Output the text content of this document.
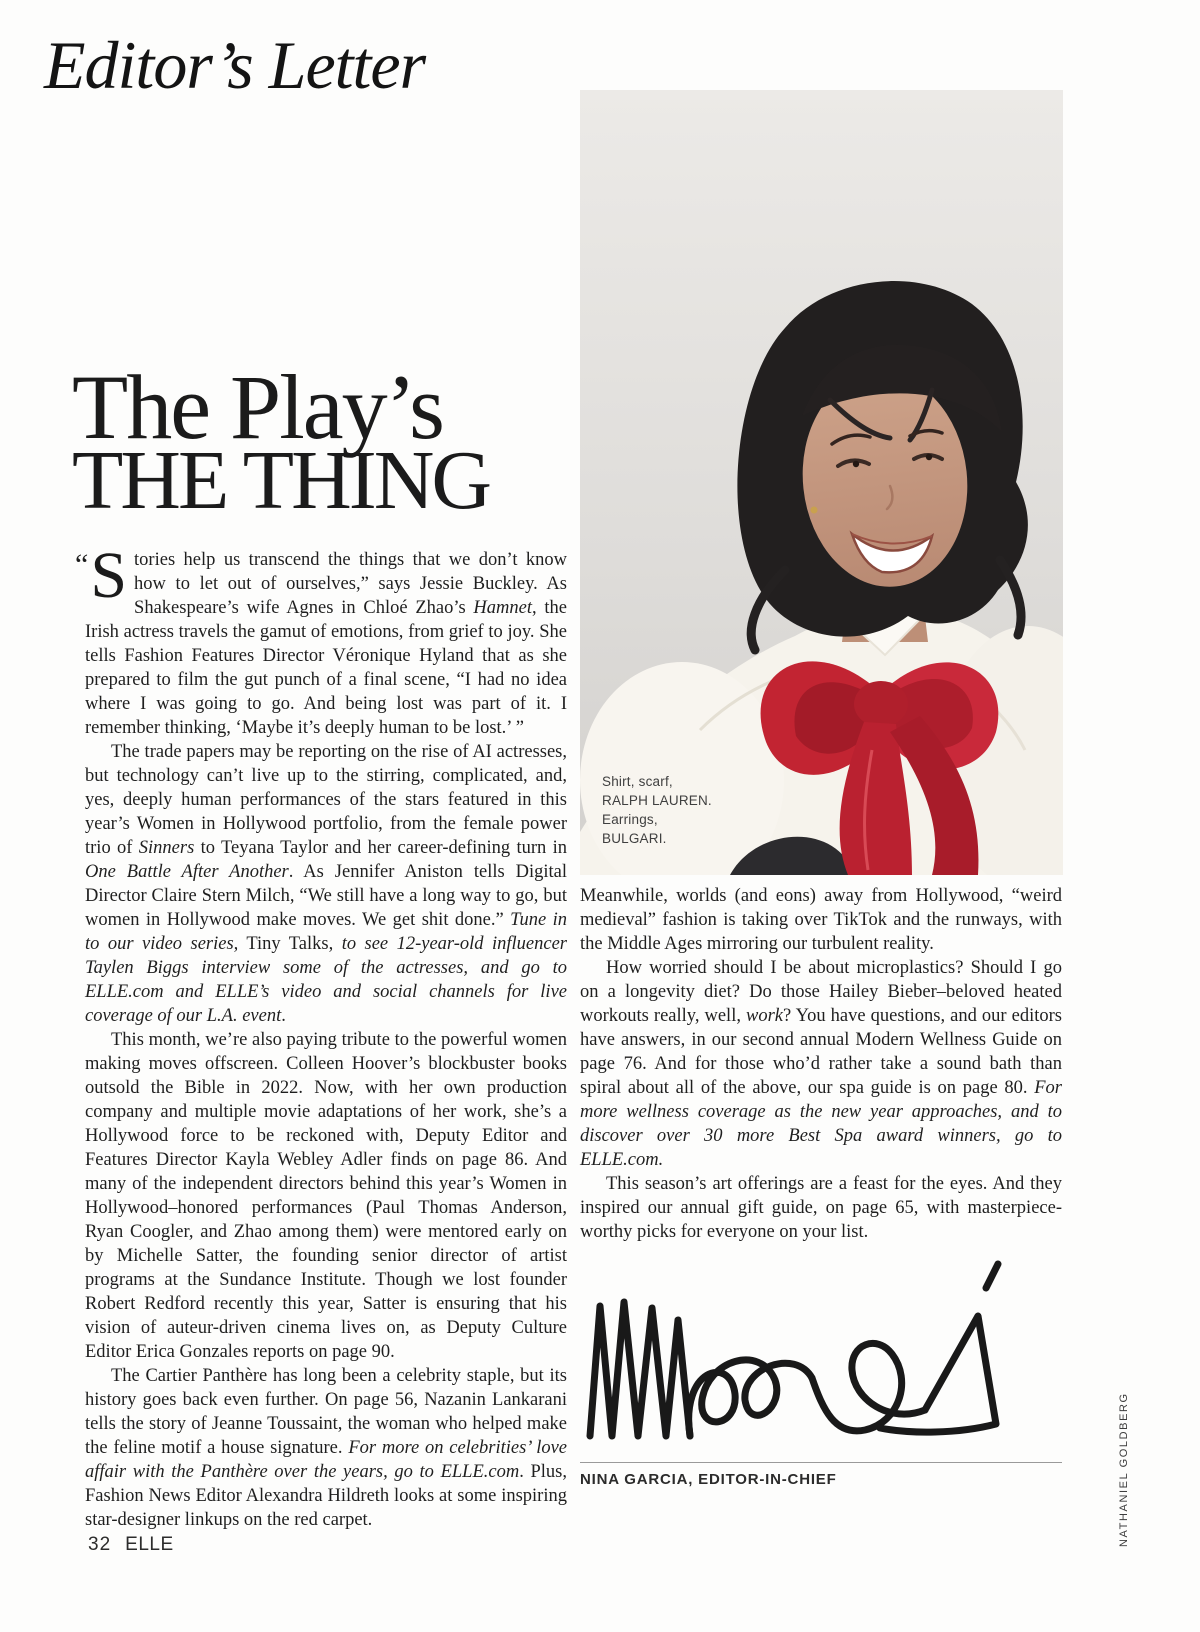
Editor’s Letter
Shirt, scarf,
RALPH LAUREN.
Earrings,
BULGARI.
The Play’s
THE THING

“ S tories help us transcend the things that we don’t know how to let out of ourselves,” says Jessie Buckley. As Shakespeare’s wife Agnes in Chloé Zhao’s Hamnet, the Irish actress travels the gamut of emotions, from grief to joy. She tells Fashion Features Director Véronique Hyland that as she prepared to film the gut punch of a final scene, “I had no idea where I was going to go. And being lost was part of it. I remember thinking, ‘Maybe it’s deeply human to be lost.’ ”

The trade papers may be reporting on the rise of AI actresses, but technology can’t live up to the stirring, complicated, and, yes, deeply human performances of the stars featured in this year’s Women in Hollywood portfolio, from the female power trio of Sinners to Teyana Taylor and her career-defining turn in One Battle After Another. As Jennifer Aniston tells Digital Director Claire Stern Milch, “We still have a long way to go, but women in Hollywood make moves. We get shit done.” Tune in to our video series, Tiny Talks, to see 12-year-old influencer Taylen Biggs interview some of the actresses, and go to ELLE.com and ELLE’s video and social channels for live coverage of our L.A. event.

This month, we’re also paying tribute to the powerful women making moves offscreen. Colleen Hoover’s blockbuster books outsold the Bible in 2022. Now, with her own production company and multiple movie adaptations of her work, she’s a Hollywood force to be reckoned with, Deputy Editor and Features Director Kayla Webley Adler finds on page 86. And many of the independent directors behind this year’s Women in Hollywood–honored performances (Paul Thomas Anderson, Ryan Coogler, and Zhao among them) were mentored early on by Michelle Satter, the founding senior director of artist programs at the Sundance Institute. Though we lost founder Robert Redford recently this year, Satter is ensuring that his vision of auteur-driven cinema lives on, as Deputy Culture Editor Erica Gonzales reports on page 90.

The Cartier Panthère has long been a celebrity staple, but its history goes back even further. On page 56, Nazanin Lankarani tells the story of Jeanne Toussaint, the woman who helped make the feline motif a house signature. For more on celebrities’ love affair with the Panthère over the years, go to ELLE.com. Plus, Fashion News Editor Alexandra Hildreth looks at some inspiring star-designer linkups on the red carpet.

Meanwhile, worlds (and eons) away from Hollywood, “weird medieval” fashion is taking over TikTok and the runways, with the Middle Ages mirroring our turbulent reality.

How worried should I be about microplastics? Should I go on a longevity diet? Do those Hailey Bieber–beloved heated workouts really, well, work? You have questions, and our editors have answers, in our second annual Modern Wellness Guide on page 76. And for those who’d rather take a sound bath than spiral about all of the above, our spa guide is on page 80. For more wellness coverage as the new year approaches, and to discover over 30 more Best Spa award winners, go to ELLE.com.

This season’s art offerings are a feast for the eyes. And they inspired our annual gift guide, on page 65, with masterpiece-worthy picks for everyone on your list.

NINA GARCIA, EDITOR-IN-CHIEF	NATHANIEL GOLDBERG
32 ELLE
